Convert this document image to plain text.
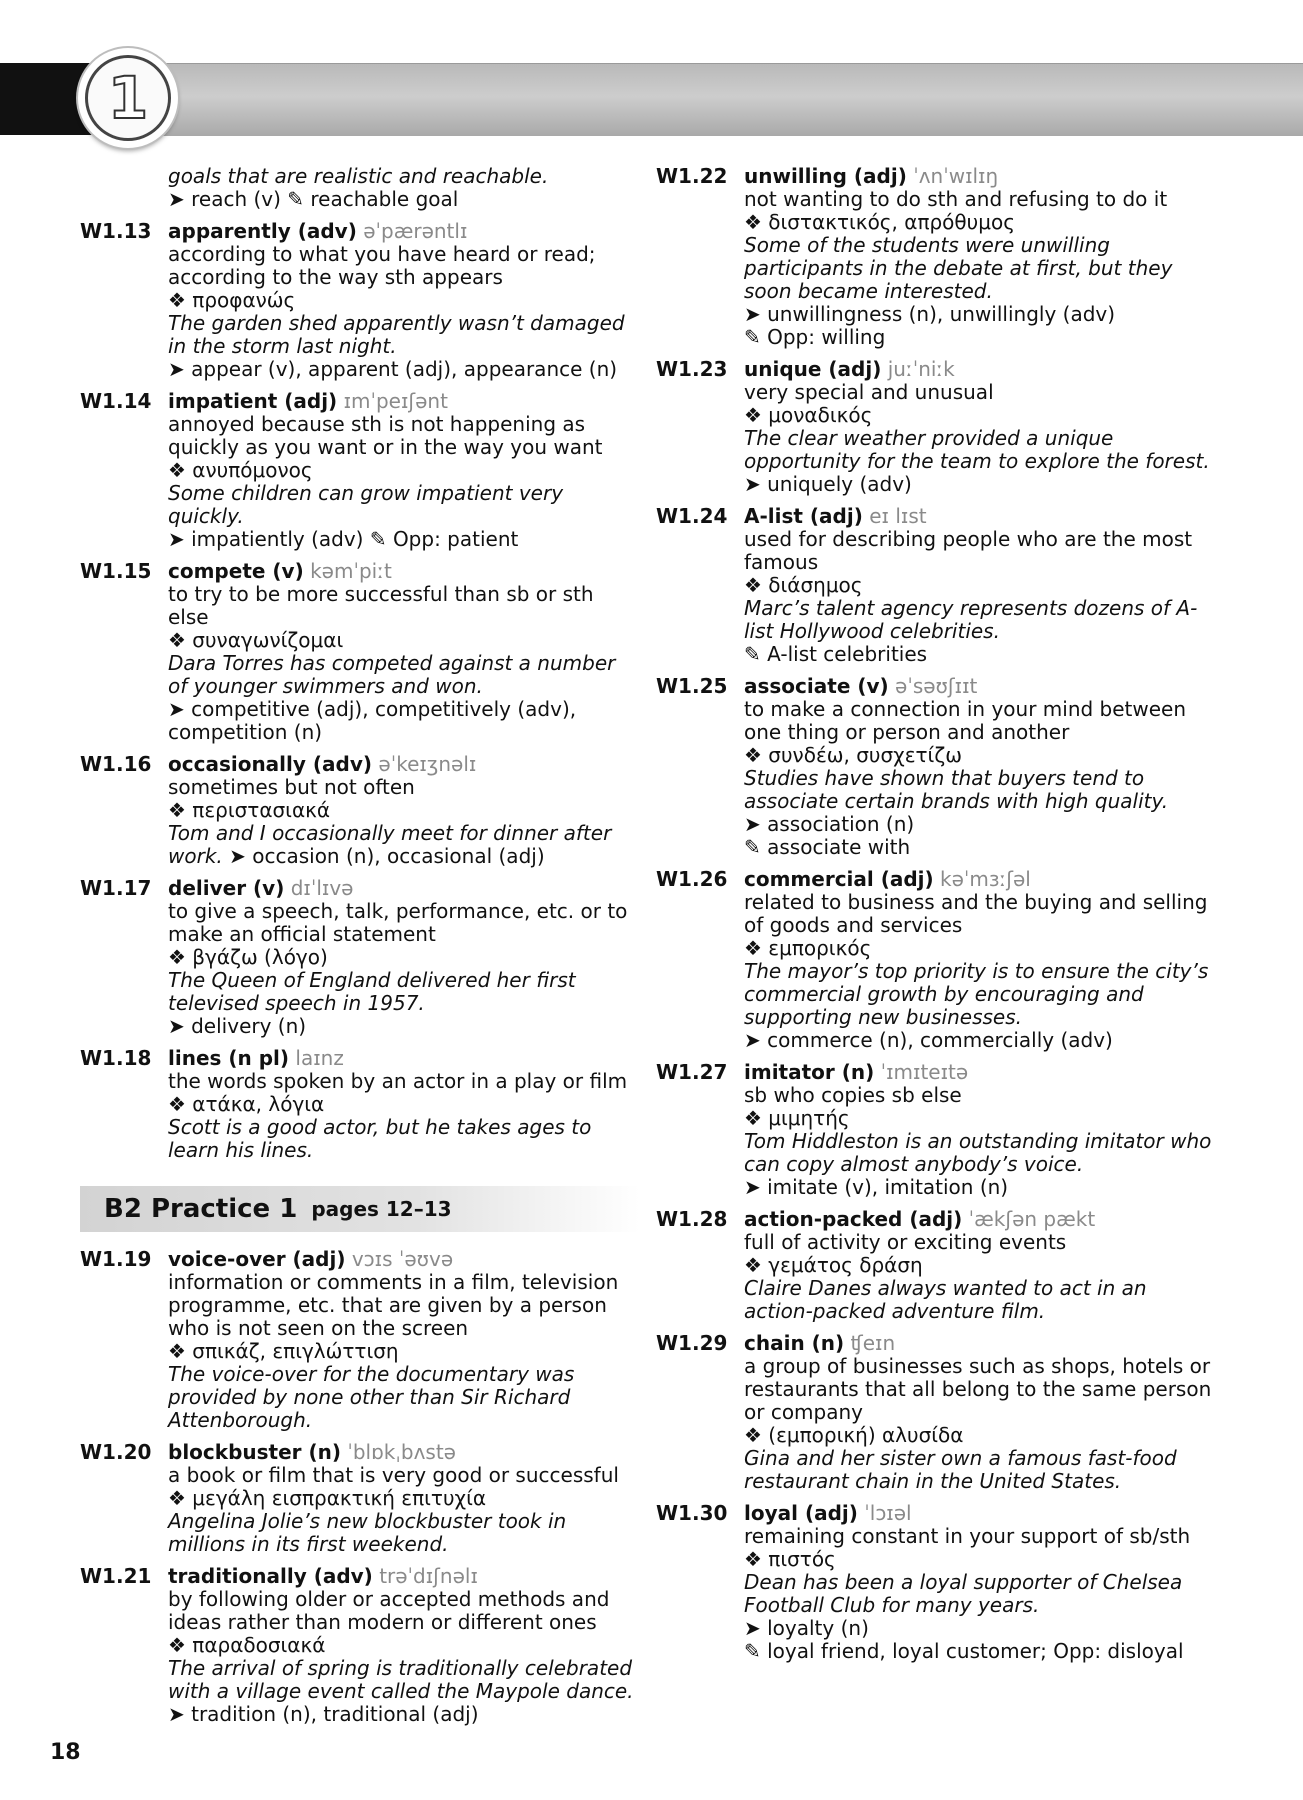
1
goals that are realistic and reachable.
➤ reach (v) ✎ reachable goal
W1.13 apparently (adv) əˈpærəntlɪ
according to what you have heard or read; according to the way sth appears
❖ προφανώς
The garden shed apparently wasn’t damaged in the storm last night.
➤ appear (v), apparent (adj), appearance (n)
W1.14 impatient (adj) ɪmˈpeɪʃənt
annoyed because sth is not happening as quickly as you want or in the way you want
❖ ανυπόμονος
Some children can grow impatient very quickly.
➤ impatiently (adv) ✎ Opp: patient
W1.15 compete (v) kəmˈpiːt
to try to be more successful than sb or sth else
❖ συναγωνίζομαι
Dara Torres has competed against a number of younger swimmers and won.
➤ competitive (adj), competitively (adv), competition (n)
W1.16 occasionally (adv) əˈkeɪʒnəlɪ
sometimes but not often
❖ περιστασιακά
Tom and I occasionally meet for dinner after work. ➤ occasion (n), occasional (adj)
W1.17 deliver (v) dɪˈlɪvə
to give a speech, talk, performance, etc. or to make an official statement
❖ βγάζω (λόγο)
The Queen of England delivered her first televised speech in 1957.
➤ delivery (n)
W1.18 lines (n pl) laɪnz
the words spoken by an actor in a play or film
❖ ατάκα, λόγια
Scott is a good actor, but he takes ages to learn his lines.
B2 Practice 1 pages 12–13
W1.19 voice-over (adj) vɔɪs ˈəʊvə
information or comments in a film, television programme, etc. that are given by a person who is not seen on the screen
❖ σπικάζ, επιγλώττιση
The voice-over for the documentary was provided by none other than Sir Richard Attenborough.
W1.20 blockbuster (n) ˈblɒkˌbʌstə
a book or film that is very good or successful
❖ μεγάλη εισπρακτική επιτυχία
Angelina Jolie’s new blockbuster took in millions in its first weekend.
W1.21 traditionally (adv) trəˈdɪʃnəlɪ
by following older or accepted methods and ideas rather than modern or different ones
❖ παραδοσιακά
The arrival of spring is traditionally celebrated with a village event called the Maypole dance.
➤ tradition (n), traditional (adj)
W1.22 unwilling (adj) ˈʌnˈwɪlɪŋ
not wanting to do sth and refusing to do it
❖ διστακτικός, απρόθυμος
Some of the students were unwilling participants in the debate at first, but they soon became interested.
➤ unwillingness (n), unwillingly (adv)
✎ Opp: willing
W1.23 unique (adj) juːˈniːk
very special and unusual
❖ μοναδικός
The clear weather provided a unique opportunity for the team to explore the forest.
➤ uniquely (adv)
W1.24 A-list (adj) eɪ lɪst
used for describing people who are the most famous
❖ διάσημος
Marc’s talent agency represents dozens of A-list Hollywood celebrities.
✎ A-list celebrities
W1.25 associate (v) əˈsəʊʃɪɪt
to make a connection in your mind between one thing or person and another
❖ συνδέω, συσχετίζω
Studies have shown that buyers tend to associate certain brands with high quality.
➤ association (n)
✎ associate with
W1.26 commercial (adj) kəˈmɜːʃəl
related to business and the buying and selling of goods and services
❖ εμπορικός
The mayor’s top priority is to ensure the city’s commercial growth by encouraging and supporting new businesses.
➤ commerce (n), commercially (adv)
W1.27 imitator (n) ˈɪmɪteɪtə
sb who copies sb else
❖ μιμητής
Tom Hiddleston is an outstanding imitator who can copy almost anybody’s voice.
➤ imitate (v), imitation (n)
W1.28 action-packed (adj) ˈækʃən pækt
full of activity or exciting events
❖ γεμάτος δράση
Claire Danes always wanted to act in an action-packed adventure film.
W1.29 chain (n) ʧeɪn
a group of businesses such as shops, hotels or restaurants that all belong to the same person or company
❖ (εμπορική) αλυσίδα
Gina and her sister own a famous fast-food restaurant chain in the United States.
W1.30 loyal (adj) ˈlɔɪəl
remaining constant in your support of sb/sth
❖ πιστός
Dean has been a loyal supporter of Chelsea Football Club for many years.
➤ loyalty (n)
✎ loyal friend, loyal customer; Opp: disloyal
18
